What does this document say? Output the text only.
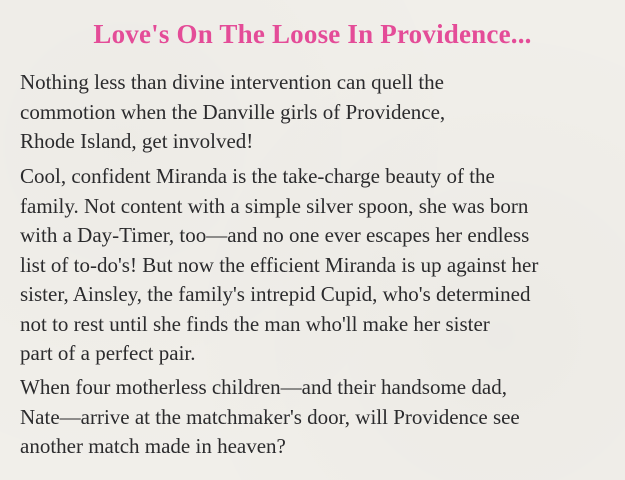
Love's On The Loose In Providence...

Nothing less than divine intervention can quell the
commotion when the Danville girls of Providence,
Rhode Island, get involved!

Cool, confident Miranda is the take-charge beauty of the
family. Not content with a simple silver spoon, she was born
with a Day-Timer, too—and no one ever escapes her endless
list of to-do's! But now the efficient Miranda is up against her
sister, Ainsley, the family's intrepid Cupid, who's determined
not to rest until she finds the man who'll make her sister
part of a perfect pair.

When four motherless children—and their handsome dad,
Nate—arrive at the matchmaker's door, will Providence see
another match made in heaven?
